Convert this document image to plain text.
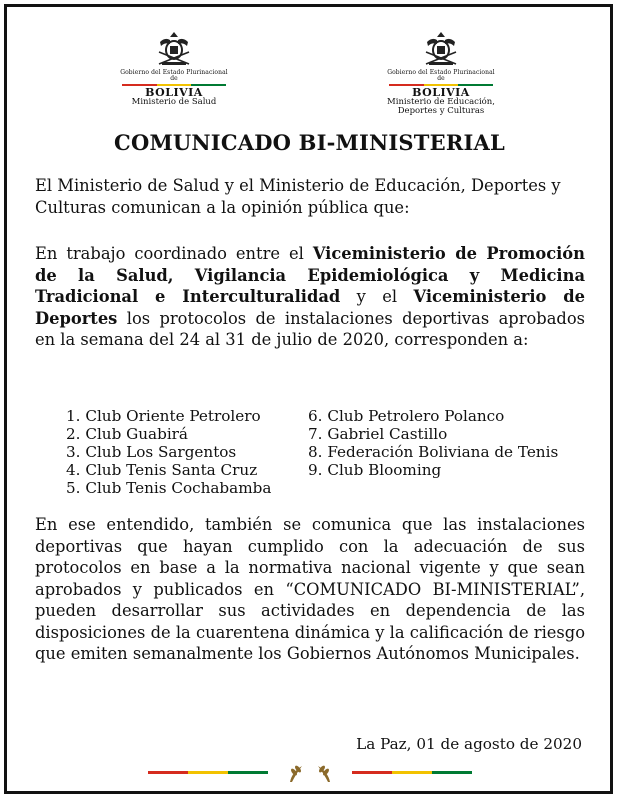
Gobierno del Estado Plurinacional de
BOLIVIA
Ministerio de Salud
Gobierno del Estado Plurinacional de
BOLIVIA
Ministerio de Educación,
Deportes y Culturas
COMUNICADO BI-MINISTERIAL
El Ministerio de Salud y el Ministerio de Educación, Deportes y Culturas comunican a la opinión pública que:
En trabajo coordinado entre el Viceministerio de Promoción de la Salud, Vigilancia Epidemiológica y Medicina Tradicional e Interculturalidad y el Viceministerio de Deportes los protocolos de instalaciones deportivas aprobados en la semana del 24 al 31 de julio de 2020, corresponden a:
1. Club Oriente Petrolero
2. Club Guabirá
3. Club Los Sargentos
4. Club Tenis Santa Cruz
5. Club Tenis Cochabamba
6. Club Petrolero Polanco
7. Gabriel Castillo
8. Federación Boliviana de Tenis
9. Club Blooming
En ese entendido, también se comunica que las instalaciones deportivas que hayan cumplido con la adecuación de sus protocolos en base a la normativa nacional vigente y que sean aprobados y publicados en “COMUNICADO BI-MINISTERIAL”, pueden desarrollar sus actividades en dependencia de las disposiciones de la cuarentena dinámica y la calificación de riesgo que emiten semanalmente los Gobiernos Autónomos Municipales.
La Paz, 01 de agosto de 2020
